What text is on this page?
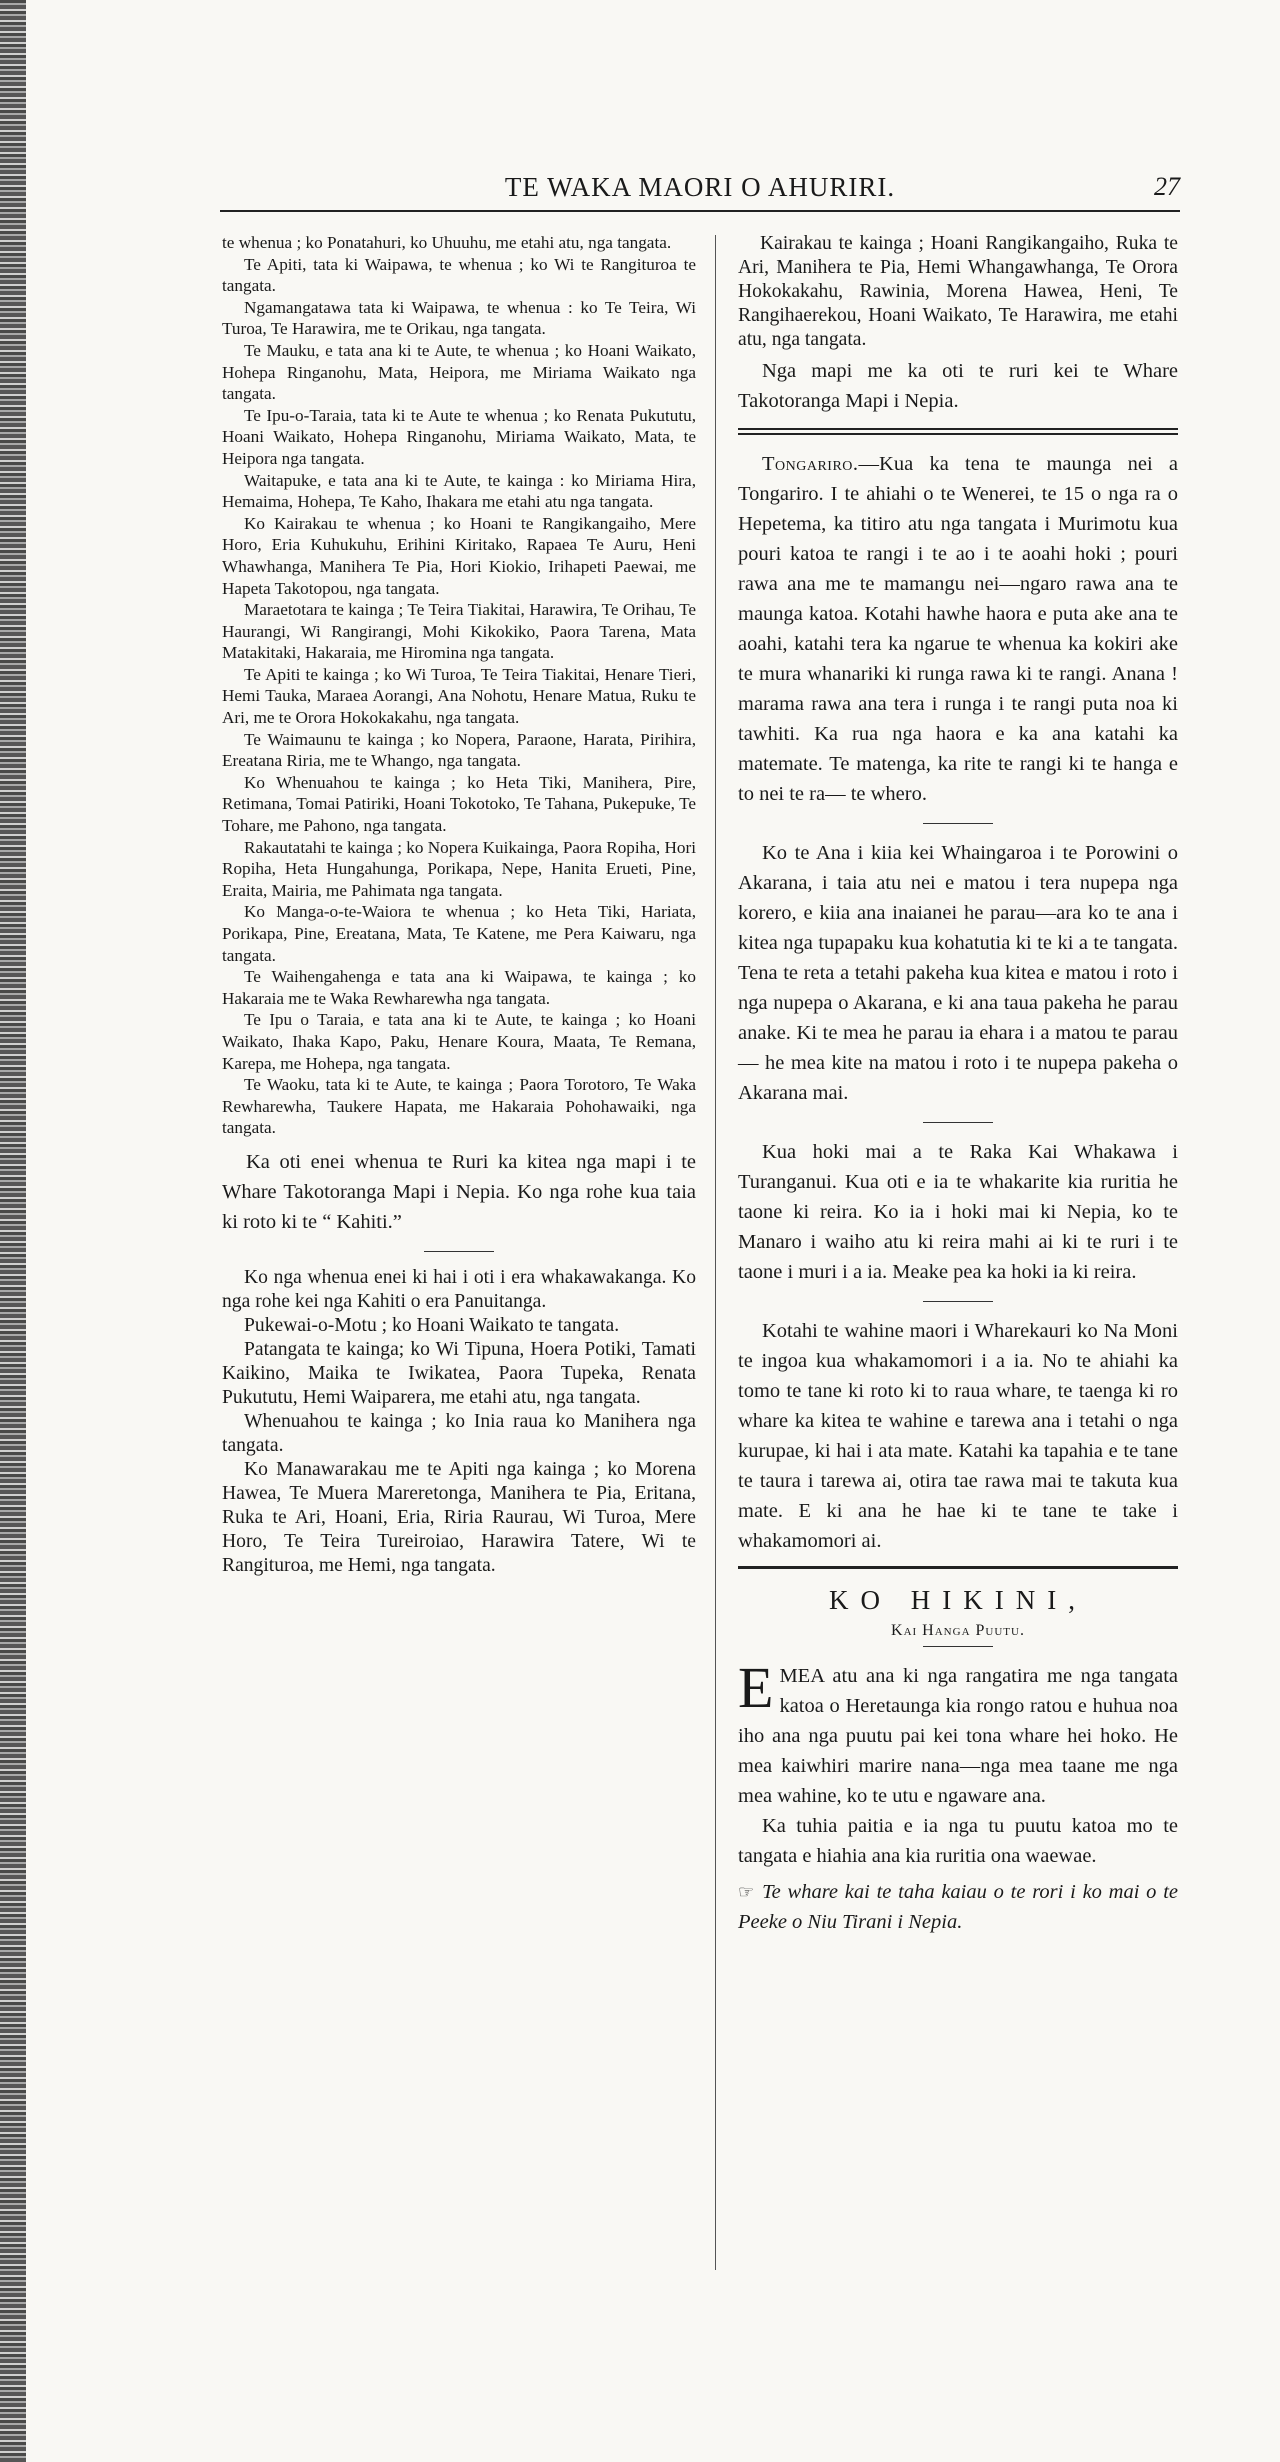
TE WAKA MAORI O AHURIRI.	27

te whenua ; ko Ponatahuri, ko Uhuuhu, me etahi atu, nga tangata.

Te Apiti, tata ki Waipawa, te whenua ; ko Wi te Rangituroa te tangata.

Ngamangatawa tata ki Waipawa, te whenua : ko Te Teira, Wi Turoa, Te Harawira, me te Orikau, nga tangata.

Te Mauku, e tata ana ki te Aute, te whenua ; ko Hoani Waikato, Hohepa Ringanohu, Mata, Heipora, me Miriama Waikato nga tangata.

Te Ipu-o-Taraia, tata ki te Aute te whenua ; ko Renata Pukututu, Hoani Waikato, Hohepa Ringanohu, Miriama Waikato, Mata, te Heipora nga tangata.

Waitapuke, e tata ana ki te Aute, te kainga : ko Miriama Hira, Hemaima, Hohepa, Te Kaho, Ihakara me etahi atu nga tangata.

Ko Kairakau te whenua ; ko Hoani te Rangikangaiho, Mere Horo, Eria Kuhukuhu, Erihini Kiritako, Rapaea Te Auru, Heni Whawhanga, Manihera Te Pia, Hori Kiokio, Irihapeti Paewai, me Hapeta Takotopou, nga tangata.

Maraetotara te kainga ; Te Teira Tiakitai, Harawira, Te Orihau, Te Haurangi, Wi Rangirangi, Mohi Kikokiko, Paora Tarena, Mata Matakitaki, Hakaraia, me Hiromina nga tangata.

Te Apiti te kainga ; ko Wi Turoa, Te Teira Tiakitai, Henare Tieri, Hemi Tauka, Maraea Aorangi, Ana Nohotu, Henare Matua, Ruku te Ari, me te Orora Hokokakahu, nga tangata.

Te Waimaunu te kainga ; ko Nopera, Paraone, Harata, Pirihira, Ereatana Riria, me te Whango, nga tangata.

Ko Whenuahou te kainga ; ko Heta Tiki, Manihera, Pire, Retimana, Tomai Patiriki, Hoani Tokotoko, Te Tahana, Pukepuke, Te Tohare, me Pahono, nga tangata.

Rakautatahi te kainga ; ko Nopera Kuikainga, Paora Ropiha, Hori Ropiha, Heta Hungahunga, Porikapa, Nepe, Hanita Erueti, Pine, Eraita, Mairia, me Pahimata nga tangata.

Ko Manga-o-te-Waiora te whenua ; ko Heta Tiki, Hariata, Porikapa, Pine, Ereatana, Mata, Te Katene, me Pera Kaiwaru, nga tangata.

Te Waihengahenga e tata ana ki Waipawa, te kainga ; ko Hakaraia me te Waka Rewharewha nga tangata.

Te Ipu o Taraia, e tata ana ki te Aute, te kainga ; ko Hoani Waikato, Ihaka Kapo, Paku, Henare Koura, Maata, Te Remana, Karepa, me Hohepa, nga tangata.

Te Waoku, tata ki te Aute, te kainga ; Paora Torotoro, Te Waka Rewharewha, Taukere Hapata, me Hakaraia Pohohawaiki, nga tangata.

Ka oti enei whenua te Ruri ka kitea nga mapi i te Whare Takotoranga Mapi i Nepia. Ko nga rohe kua taia ki roto ki te “ Kahiti.”

Ko nga whenua enei ki hai i oti i era whakawakanga. Ko nga rohe kei nga Kahiti o era Panuitanga.

Pukewai-o-Motu ; ko Hoani Waikato te tangata.

Patangata te kainga; ko Wi Tipuna, Hoera Potiki, Tamati Kaikino, Maika te Iwikatea, Paora Tupeka, Renata Pukututu, Hemi Waiparera, me etahi atu, nga tangata.

Whenuahou te kainga ; ko Inia raua ko Manihera nga tangata.

Ko Manawarakau me te Apiti nga kainga ; ko Morena Hawea, Te Muera Mareretonga, Manihera te Pia, Eritana, Ruka te Ari, Hoani, Eria, Riria Raurau, Wi Turoa, Mere Horo, Te Teira Tureiroiao, Harawira Tatere, Wi te Rangituroa, me Hemi, nga tangata.

Kairakau te kainga ; Hoani Rangikangaiho, Ruka te Ari, Manihera te Pia, Hemi Whangawhanga, Te Orora Hokokakahu, Rawinia, Morena Hawea, Heni, Te Rangihaerekou, Hoani Waikato, Te Harawira, me etahi atu, nga tangata.

Nga mapi me ka oti te ruri kei te Whare Takotoranga Mapi i Nepia.

Tongariro.—Kua ka tena te maunga nei a Tongariro. I te ahiahi o te Wenerei, te 15 o nga ra o Hepetema, ka titiro atu nga tangata i Murimotu kua pouri katoa te rangi i te ao i te aoahi hoki ; pouri rawa ana me te mamangu nei—ngaro rawa ana te maunga katoa. Kotahi hawhe haora e puta ake ana te aoahi, katahi tera ka ngarue te whenua ka kokiri ake te mura whanariki ki runga rawa ki te rangi. Anana ! marama rawa ana tera i runga i te rangi puta noa ki tawhiti. Ka rua nga haora e ka ana katahi ka matemate. Te matenga, ka rite te rangi ki te hanga e to nei te ra— te whero.

Ko te Ana i kiia kei Whaingaroa i te Porowini o Akarana, i taia atu nei e matou i tera nupepa nga korero, e kiia ana inaianei he parau—ara ko te ana i kitea nga tupapaku kua kohatutia ki te ki a te tangata. Tena te reta a tetahi pakeha kua kitea e matou i roto i nga nupepa o Akarana, e ki ana taua pakeha he parau anake. Ki te mea he parau ia ehara i a matou te parau— he mea kite na matou i roto i te nupepa pakeha o Akarana mai.

Kua hoki mai a te Raka Kai Whakawa i Turanganui. Kua oti e ia te whakarite kia ruritia he taone ki reira. Ko ia i hoki mai ki Nepia, ko te Manaro i waiho atu ki reira mahi ai ki te ruri i te taone i muri i a ia. Meake pea ka hoki ia ki reira.

Kotahi te wahine maori i Wharekauri ko Na Moni te ingoa kua whakamomori i a ia. No te ahiahi ka tomo te tane ki roto ki to raua whare, te taenga ki ro whare ka kitea te wahine e tarewa ana i tetahi o nga kurupae, ki hai i ata mate. Katahi ka tapahia e te tane te taura i tarewa ai, otira tae rawa mai te takuta kua mate. E ki ana he hae ki te tane te take i whakamomori ai.

KO HIKINI,
Kai Hanga Puutu.

EMEA atu ana ki nga rangatira me nga tangata katoa o Heretaunga kia rongo ratou e huhua noa iho ana nga puutu pai kei tona whare hei hoko. He mea kaiwhiri marire nana—nga mea taane me nga mea wahine, ko te utu e ngaware ana.

Ka tuhia paitia e ia nga tu puutu katoa mo te tangata e hiahia ana kia ruritia ona waewae.

☞ Te whare kai te taha kaiau o te rori i ko mai o te Peeke o Niu Tirani i Nepia.
